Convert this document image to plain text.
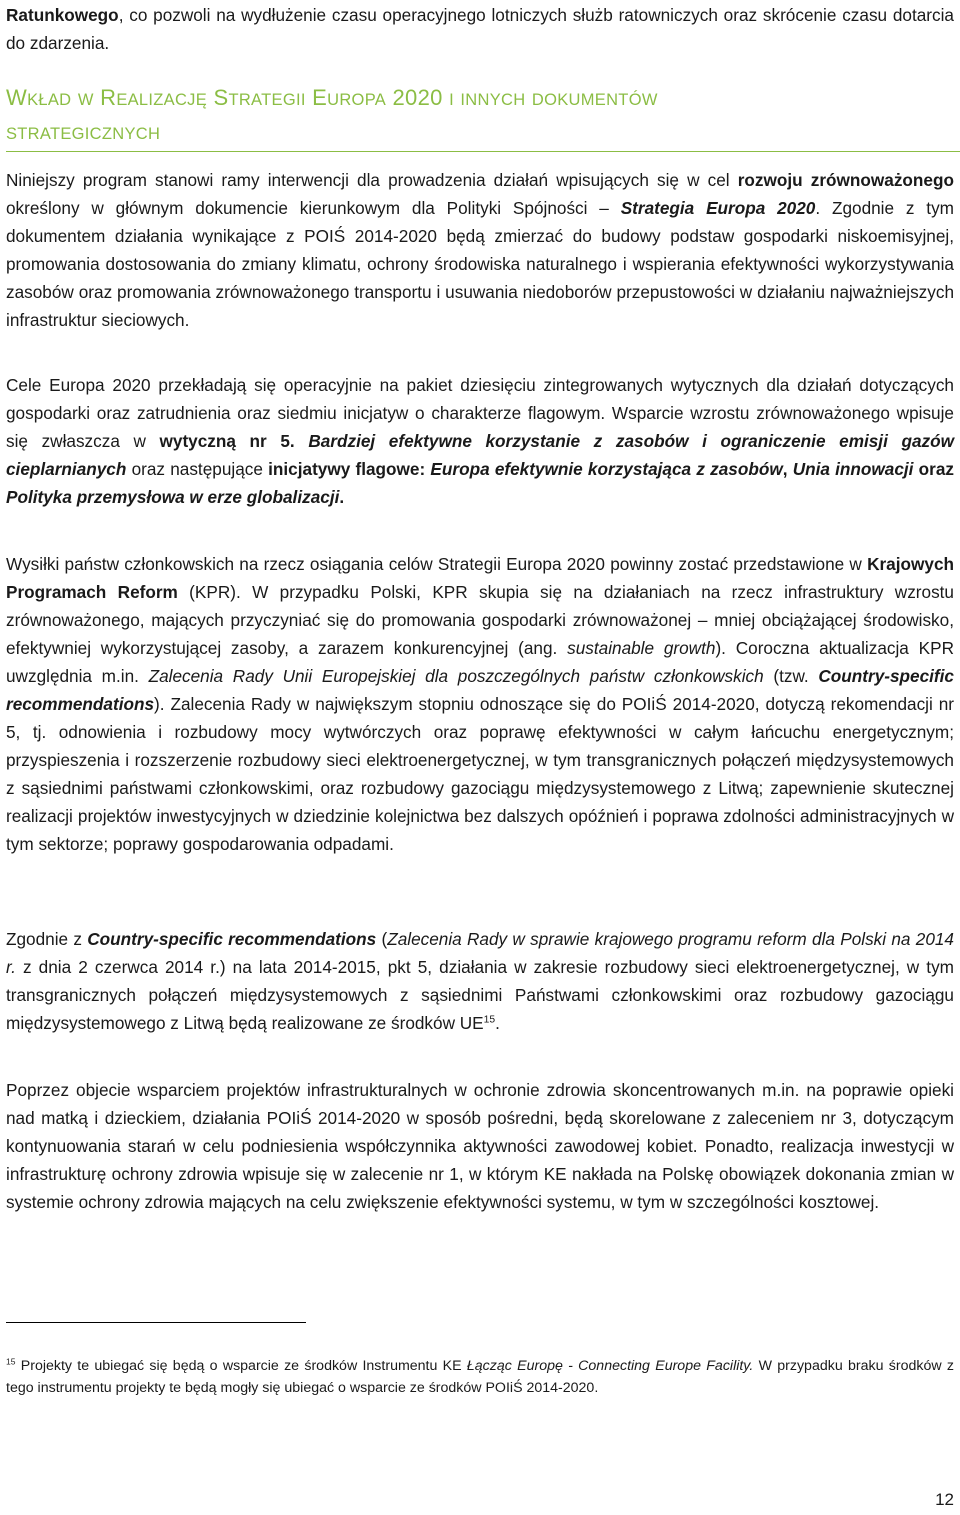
Ratunkowego, co pozwoli na wydłużenie czasu operacyjnego lotniczych służb ratowniczych oraz skrócenie czasu dotarcia do zdarzenia.

WKŁAD W REALIZACJĘ STRATEGII EUROPA 2020 I INNYCH DOKUMENTÓW
STRATEGICZNYCH

Niniejszy program stanowi ramy interwencji dla prowadzenia działań wpisujących się w cel rozwoju zrównoważonego określony w głównym dokumencie kierunkowym dla Polityki Spójności – Strategia Europa 2020. Zgodnie z tym dokumentem działania wynikające z POIŚ 2014-2020 będą zmierzać do budowy podstaw gospodarki niskoemisyjnej, promowania dostosowania do zmiany klimatu, ochrony środowiska naturalnego i wspierania efektywności wykorzystywania zasobów oraz promowania zrównoważonego transportu i usuwania niedoborów przepustowości w działaniu najważniejszych infrastruktur sieciowych.

Cele Europa 2020 przekładają się operacyjnie na pakiet dziesięciu zintegrowanych wytycznych dla działań dotyczących gospodarki oraz zatrudnienia oraz siedmiu inicjatyw o charakterze flagowym. Wsparcie wzrostu zrównoważonego wpisuje się zwłaszcza w wytyczną nr 5. Bardziej efektywne korzystanie z zasobów i ograniczenie emisji gazów cieplarnianych oraz następujące inicjatywy flagowe: Europa efektywnie korzystająca z zasobów, Unia innowacji oraz Polityka przemysłowa w erze globalizacji.

Wysiłki państw członkowskich na rzecz osiągania celów Strategii Europa 2020 powinny zostać przedstawione w Krajowych Programach Reform (KPR). W przypadku Polski, KPR skupia się na działaniach na rzecz infrastruktury wzrostu zrównoważonego, mających przyczyniać się do promowania gospodarki zrównoważonej – mniej obciążającej środowisko, efektywniej wykorzystującej zasoby, a zarazem konkurencyjnej (ang. sustainable growth). Coroczna aktualizacja KPR uwzględnia m.in. Zalecenia Rady Unii Europejskiej dla poszczególnych państw członkowskich (tzw. Country-specific recommendations). Zalecenia Rady w największym stopniu odnoszące się do POIiŚ 2014-2020, dotyczą rekomendacji nr 5, tj. odnowienia i rozbudowy mocy wytwórczych oraz poprawę efektywności w całym łańcuchu energetycznym; przyspieszenia i rozszerzenie rozbudowy sieci elektroenergetycznej, w tym transgranicznych połączeń międzysystemowych z sąsiednimi państwami członkowskimi, oraz rozbudowy gazociągu międzysystemowego z Litwą; zapewnienie skutecznej realizacji projektów inwestycyjnych w dziedzinie kolejnictwa bez dalszych opóźnień i poprawa zdolności administracyjnych w tym sektorze; poprawy gospodarowania odpadami.

Zgodnie z Country-specific recommendations (Zalecenia Rady w sprawie krajowego programu reform dla Polski na 2014 r. z dnia 2 czerwca 2014 r.) na lata 2014-2015, pkt 5, działania w zakresie rozbudowy sieci elektroenergetycznej, w tym transgranicznych połączeń międzysystemowych z sąsiednimi Państwami członkowskimi oraz rozbudowy gazociągu międzysystemowego z Litwą będą realizowane ze środków UE$^{15}$.

Poprzez objecie wsparciem projektów infrastrukturalnych w ochronie zdrowia skoncentrowanych m.in. na poprawie opieki nad matką i dzieckiem, działania POIiŚ 2014-2020 w sposób pośredni, będą skorelowane z zaleceniem nr 3, dotyczącym kontynuowania starań w celu podniesienia współczynnika aktywności zawodowej kobiet. Ponadto, realizacja inwestycji w infrastrukturę ochrony zdrowia wpisuje się w zalecenie nr 1, w którym KE nakłada na Polskę obowiązek dokonania zmian w systemie ochrony zdrowia mających na celu zwiększenie efektywności systemu, w tym w szczególności kosztowej.

$^{15}$ Projekty te ubiegać się będą o wsparcie ze środków Instrumentu KE Łącząc Europę - Connecting Europe Facility. W przypadku braku środków z tego instrumentu projekty te będą mogły się ubiegać o wsparcie ze środków POIiŚ 2014-2020.

12
